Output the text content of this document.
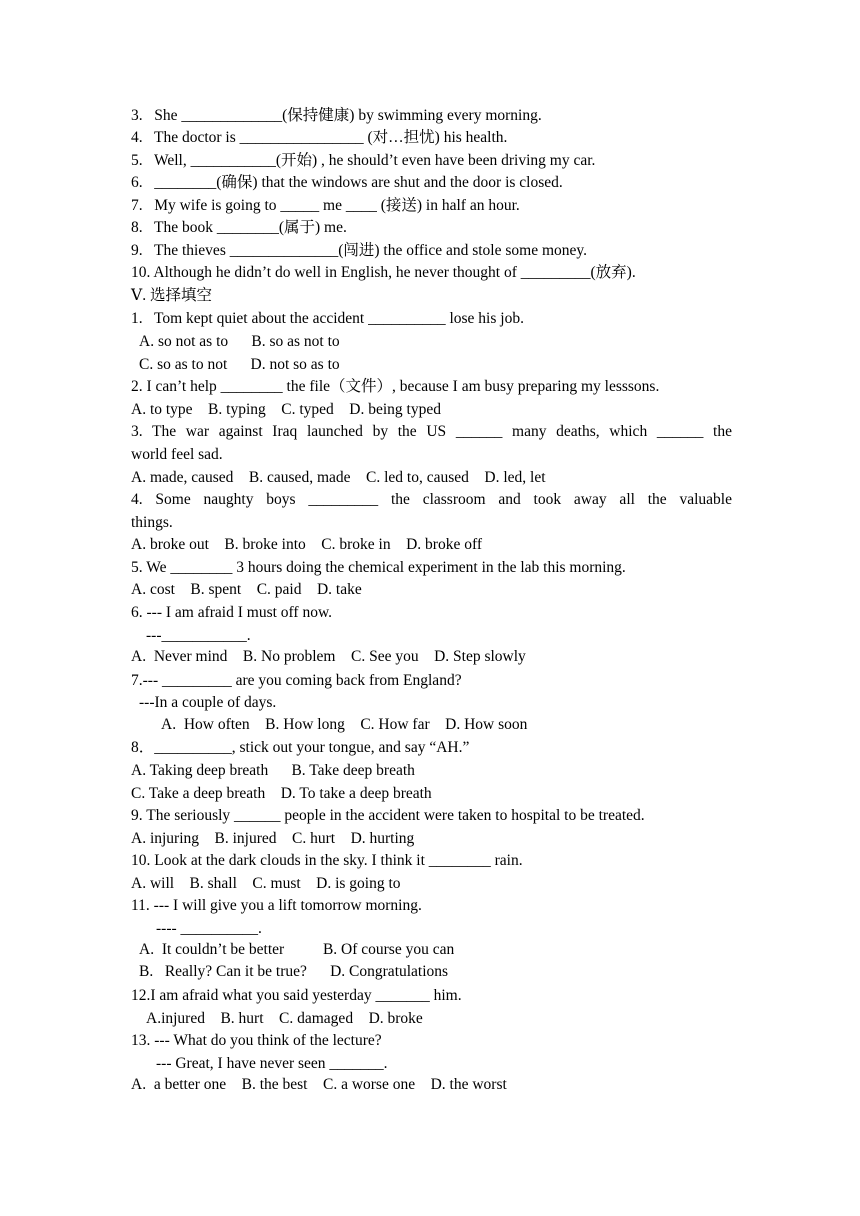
3.   She _____________(保持健康) by swimming every morning.
4.   The doctor is ________________ (对…担忧) his health.
5.   Well, ___________(开始) , he should’t even have been driving my car.
6.   ________(确保) that the windows are shut and the door is closed.
7.   My wife is going to _____ me ____ (接送) in half an hour.
8.   The book ________(属于) me.
9.   The thieves ______________(闯进) the office and stole some money.
10. Although he didn’t do well in English, he never thought of _________(放弃).
Ⅴ. 选择填空
1.   Tom kept quiet about the accident __________ lose his job.
A. so not as to      B. so as not to
C. so as to not      D. not so as to
2. I can’t help ________ the file（文件）, because I am busy preparing my lesssons.
A. to type    B. typing    C. typed    D. being typed
3. The war against Iraq launched by the US ______ many deaths, which ______ the
world feel sad.
A. made, caused    B. caused, made    C. led to, caused    D. led, let
4. Some naughty boys _________ the classroom and took away all the valuable
things.
A. broke out    B. broke into    C. broke in    D. broke off
5. We ________ 3 hours doing the chemical experiment in the lab this morning.
A. cost    B. spent    C. paid    D. take
6. --- I am afraid I must off now.
---___________.
A.  Never mind    B. No problem    C. See you    D. Step slowly
7.--- _________ are you coming back from England?
---In a couple of days.
A.  How often    B. How long    C. How far    D. How soon
8．__________, stick out your tongue, and say “AH.”
A. Taking deep breath      B. Take deep breath
C. Take a deep breath    D. To take a deep breath
9. The seriously ______ people in the accident were taken to hospital to be treated.
A. injuring    B. injured    C. hurt    D. hurting
10. Look at the dark clouds in the sky. I think it ________ rain.
A. will    B. shall    C. must    D. is going to
11. --- I will give you a lift tomorrow morning.
---- __________.
A.  It couldn’t be better          B. Of course you can
B.   Really? Can it be true?      D. Congratulations
12.I am afraid what you said yesterday _______ him.
A.injured    B. hurt    C. damaged    D. broke
13. --- What do you think of the lecture?
--- Great, I have never seen _______.
A.  a better one    B. the best    C. a worse one    D. the worst
